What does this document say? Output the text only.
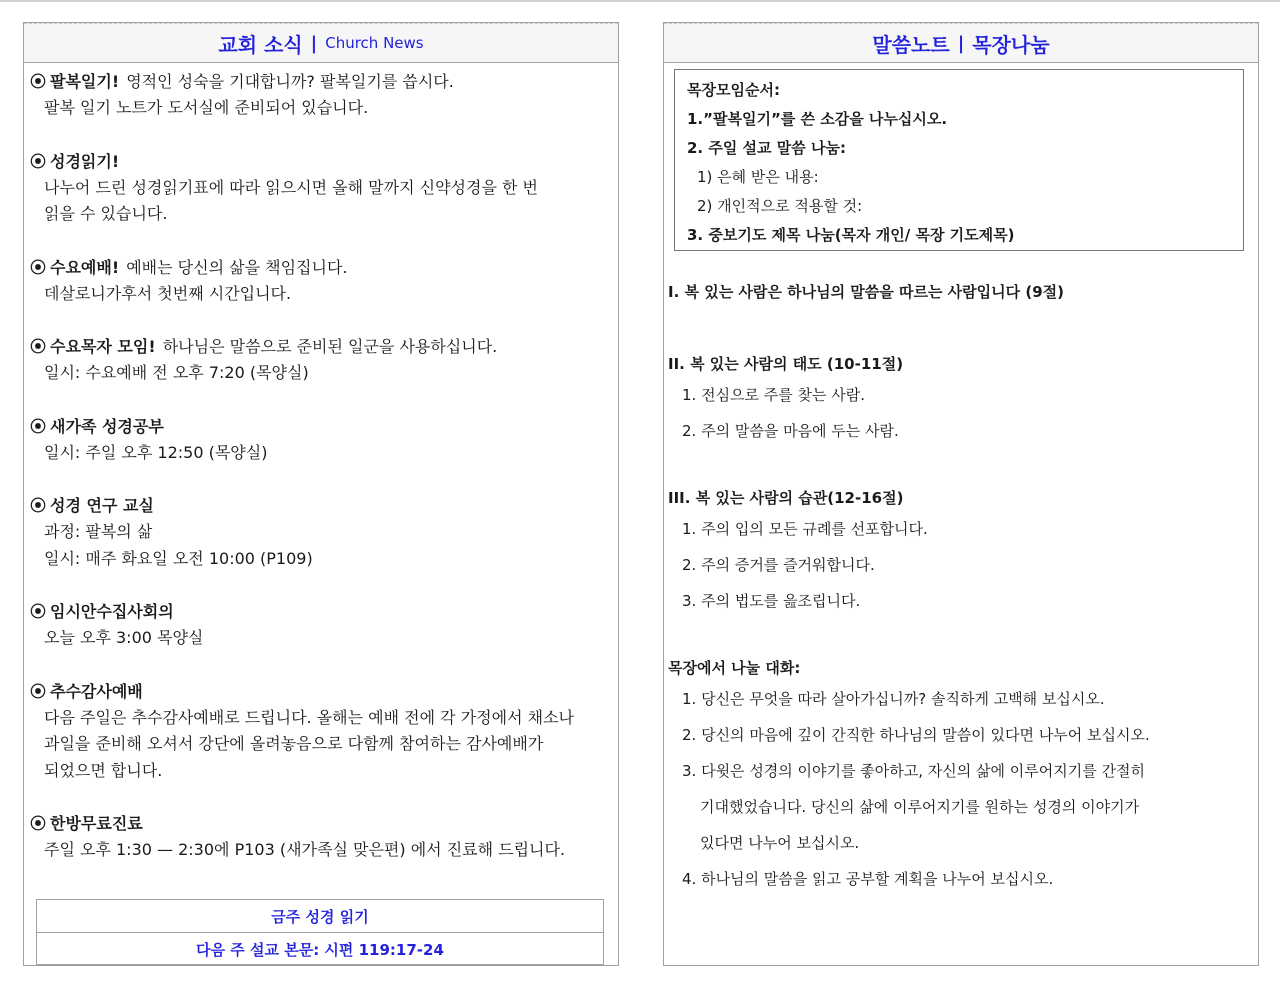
교회 소식 | Church News
⦿ 팔복일기! 영적인 성숙을 기대합니까? 팔복일기를 씁시다.
팔복 일기 노트가 도서실에 준비되어 있습니다.
⦿ 성경읽기!
나누어 드린 성경읽기표에 따라 읽으시면 올해 말까지 신약성경을 한 번
읽을 수 있습니다.
⦿ 수요예배! 예배는 당신의 삶을 책임집니다.
데살로니가후서 첫번째 시간입니다.
⦿ 수요목자 모임! 하나님은 말씀으로 준비된 일군을 사용하십니다.
일시: 수요예배 전 오후 7:20 (목양실)
⦿ 새가족 성경공부
일시: 주일 오후 12:50 (목양실)
⦿ 성경 연구 교실
과정: 팔복의 삶
일시: 매주 화요일 오전 10:00 (P109)
⦿ 임시안수집사회의
오늘 오후 3:00 목양실
⦿ 추수감사예배
다음 주일은 추수감사예배로 드립니다. 올해는 예배 전에 각 가정에서 채소나
과일을 준비해 오셔서 강단에 올려놓음으로 다함께 참여하는 감사예배가
되었으면 합니다.
⦿ 한방무료진료
주일 오후 1:30 — 2:30에 P103 (새가족실 맞은편) 에서 진료해 드립니다.
금주 성경 읽기
다음 주 설교 본문: 시편 119:17-24
말씀노트 | 목장나눔
목장모임순서:
1.”팔복일기”를 쓴 소감을 나누십시오.
2. 주일 설교 말씀 나눔:
1) 은혜 받은 내용:
2) 개인적으로 적용할 것:
3. 중보기도 제목 나눔(목자 개인/ 목장 기도제목)
I. 복 있는 사람은 하나님의 말씀을 따르는 사람입니다 (9절)
II. 복 있는 사람의 태도 (10-11절)
1. 전심으로 주를 찾는 사람.
2. 주의 말씀을 마음에 두는 사람.
III. 복 있는 사람의 습관(12-16절)
1. 주의 입의 모든 규례를 선포합니다.
2. 주의 증거를 즐거워합니다.
3. 주의 법도를 읊조립니다.
목장에서 나눌 대화:
1. 당신은 무엇을 따라 살아가십니까? 솔직하게 고백해 보십시오.
2. 당신의 마음에 깊이 간직한 하나님의 말씀이 있다면 나누어 보십시오.
3. 다윗은 성경의 이야기를 좋아하고, 자신의 삶에 이루어지기를 간절히
기대했었습니다. 당신의 삶에 이루어지기를 원하는 성경의 이야기가
있다면 나누어 보십시오.
4. 하나님의 말씀을 읽고 공부할 계획을 나누어 보십시오.
